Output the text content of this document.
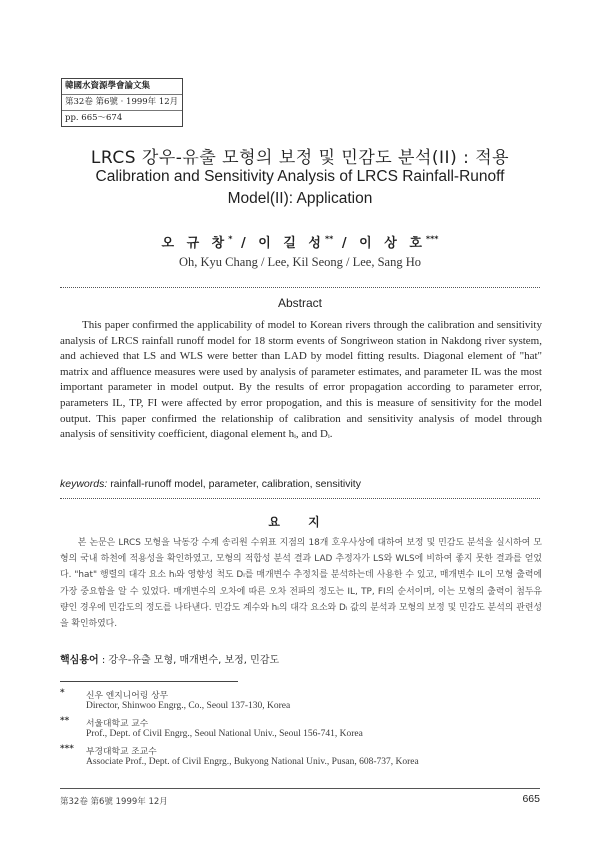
韓國水資源學會論文集
第32卷 第6號 · 1999年 12月
pp. 665～674
LRCS 강우-유출 모형의 보정 및 민감도 분석(II) : 적용
Calibration and Sensitivity Analysis of LRCS Rainfall-Runoff
Model(II): Application
오 규 창* / 이 길 성** / 이 상 호***
Oh, Kyu Chang / Lee, Kil Seong / Lee, Sang Ho
Abstract
This paper confirmed the applicability of model to Korean rivers through the calibration and sensitivity analysis of LRCS rainfall runoff model for 18 storm events of Songriweon station in Nakdong river system, and achieved that LS and WLS were better than LAD by model fitting results. Diagonal element of "hat" matrix and affluence measures were used by analysis of parameter estimates, and parameter IL was the most important parameter in model output. By the results of error propagation according to parameter error, parameters IL, TP, FI were affected by error propogation, and this is measure of sensitivity for the model output. This paper confirmed the relationship of calibration and sensitivity analysis of model through analysis of sensitivity coefficient, diagonal element hᵢ, and Dᵢ.
keywords: rainfall-runoff model, parameter, calibration, sensitivity
요 지
본 논문은 LRCS 모형을 낙동강 수계 송리원 수위표 지점의 18개 호우사상에 대하여 보정 및 민감도 분석을 실시하여 모형의 국내 하천에 적용성을 확인하였고, 모형의 적합성 분석 결과 LAD 추정자가 LS와 WLS에 비하여 좋지 못한 결과를 얻었다. "hat" 행렬의 대각 요소 hᵢ와 영향성 척도 Dᵢ를 매개변수 추정치를 분석하는데 사용한 수 있고, 매개변수 IL이 모형 출력에 가장 중요함을 알 수 있었다. 매개변수의 오차에 따른 오차 전파의 정도는 IL, TP, FI의 순서이며, 이는 모형의 출력이 첨두유량인 경우에 민감도의 정도를 나타낸다. 민감도 계수와 hᵢ의 대각 요소와 Dᵢ 값의 분석과 모형의 보정 및 민감도 분석의 관련성을 확인하였다.
핵심용어 : 강우-유출 모형, 매개변수, 보정, 민감도
* 신우 엔지니어링 상무
Director, Shinwoo Engrg., Co., Seoul 137-130, Korea
** 서울대학교 교수
Prof., Dept. of Civil Engrg., Seoul National Univ., Seoul 156-741, Korea
*** 부경대학교 조교수
Associate Prof., Dept. of Civil Engrg., Bukyong National Univ., Pusan, 608-737, Korea
第32卷 第6號 1999年 12月	665
